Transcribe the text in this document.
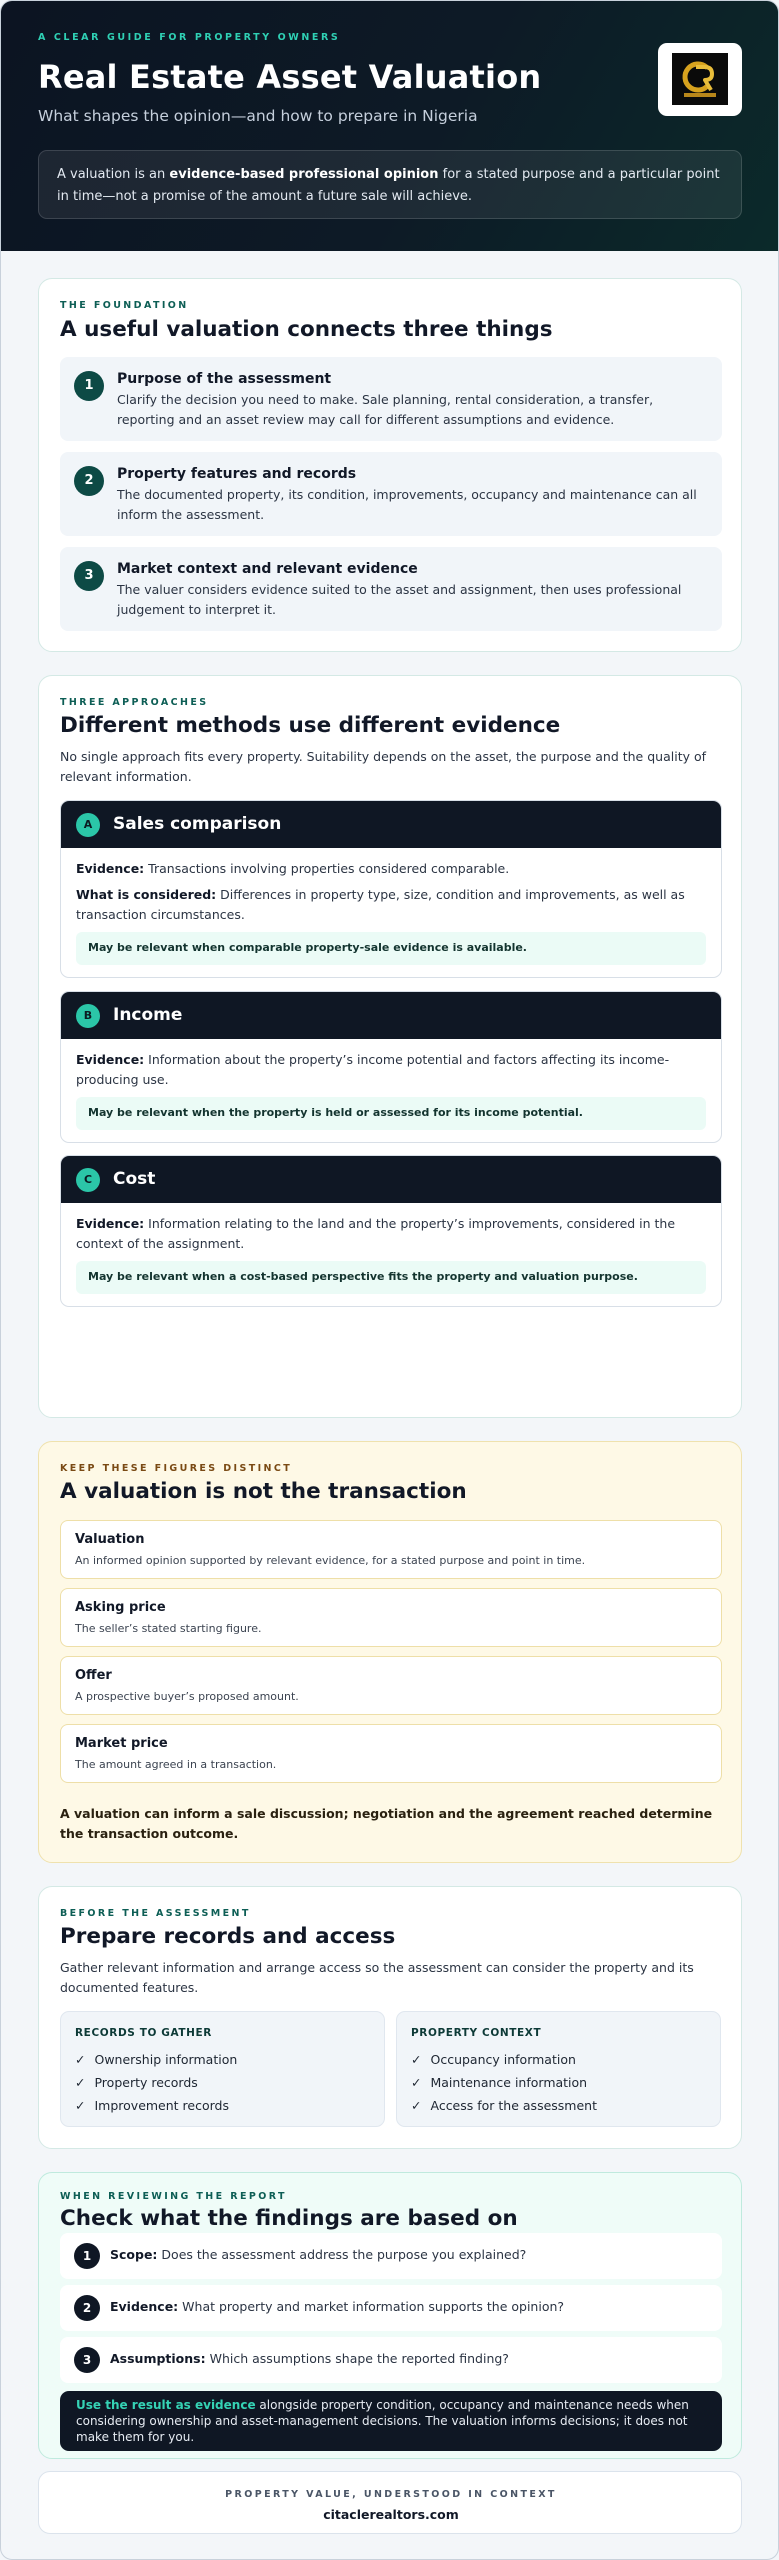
A CLEAR GUIDE FOR PROPERTY OWNERS
Real Estate Asset Valuation
What shapes the opinion—and how to prepare in Nigeria
A valuation is an evidence-based professional opinion for a stated purpose and a particular point in time—not a promise of the amount a future sale will achieve.
THE FOUNDATION
A useful valuation connects three things
1	Purpose of the assessment
Clarify the decision you need to make. Sale planning, rental consideration, a transfer, reporting and an asset review may call for different assumptions and evidence.
2	Property features and records
The documented property, its condition, improvements, occupancy and maintenance can all inform the assessment.
3	Market context and relevant evidence
The valuer considers evidence suited to the asset and assignment, then uses professional judgement to interpret it.
THREE APPROACHES
Different methods use different evidence

No single approach fits every property. Suitability depends on the asset, the purpose and the quality of relevant information.

A	Sales comparison
Evidence: Transactions involving properties considered comparable.
What is considered: Differences in property type, size, condition and improvements, as well as transaction circumstances.
May be relevant when comparable property-sale evidence is available.
B	Income
Evidence: Information about the property’s income potential and factors affecting its income-producing use.
May be relevant when the property is held or assessed for its income potential.
C	Cost
Evidence: Information relating to the land and the property’s improvements, considered in the context of the assignment.
May be relevant when a cost-based perspective fits the property and valuation purpose.
KEEP THESE FIGURES DISTINCT
A valuation is not the transaction
Valuation
An informed opinion supported by relevant evidence, for a stated purpose and point in time.
Asking price
The seller’s stated starting figure.
Offer
A prospective buyer’s proposed amount.
Market price
The amount agreed in a transaction.

A valuation can inform a sale discussion; negotiation and the agreement reached determine the transaction outcome.

BEFORE THE ASSESSMENT
Prepare records and access

Gather relevant information and arrange access so the assessment can consider the property and its documented features.

RECORDS TO GATHER
✓ Ownership information
✓ Property records
✓ Improvement records
PROPERTY CONTEXT
✓ Occupancy information
✓ Maintenance information
✓ Access for the assessment
WHEN REVIEWING THE REPORT
Check what the findings are based on
1	Scope: Does the assessment address the purpose you explained?
2	Evidence: What property and market information supports the opinion?
3	Assumptions: Which assumptions shape the reported finding?
Use the result as evidence alongside property condition, occupancy and maintenance needs when considering ownership and asset-management decisions. The valuation informs decisions; it does not make them for you.
PROPERTY VALUE, UNDERSTOOD IN CONTEXT
citaclerealtors.com
